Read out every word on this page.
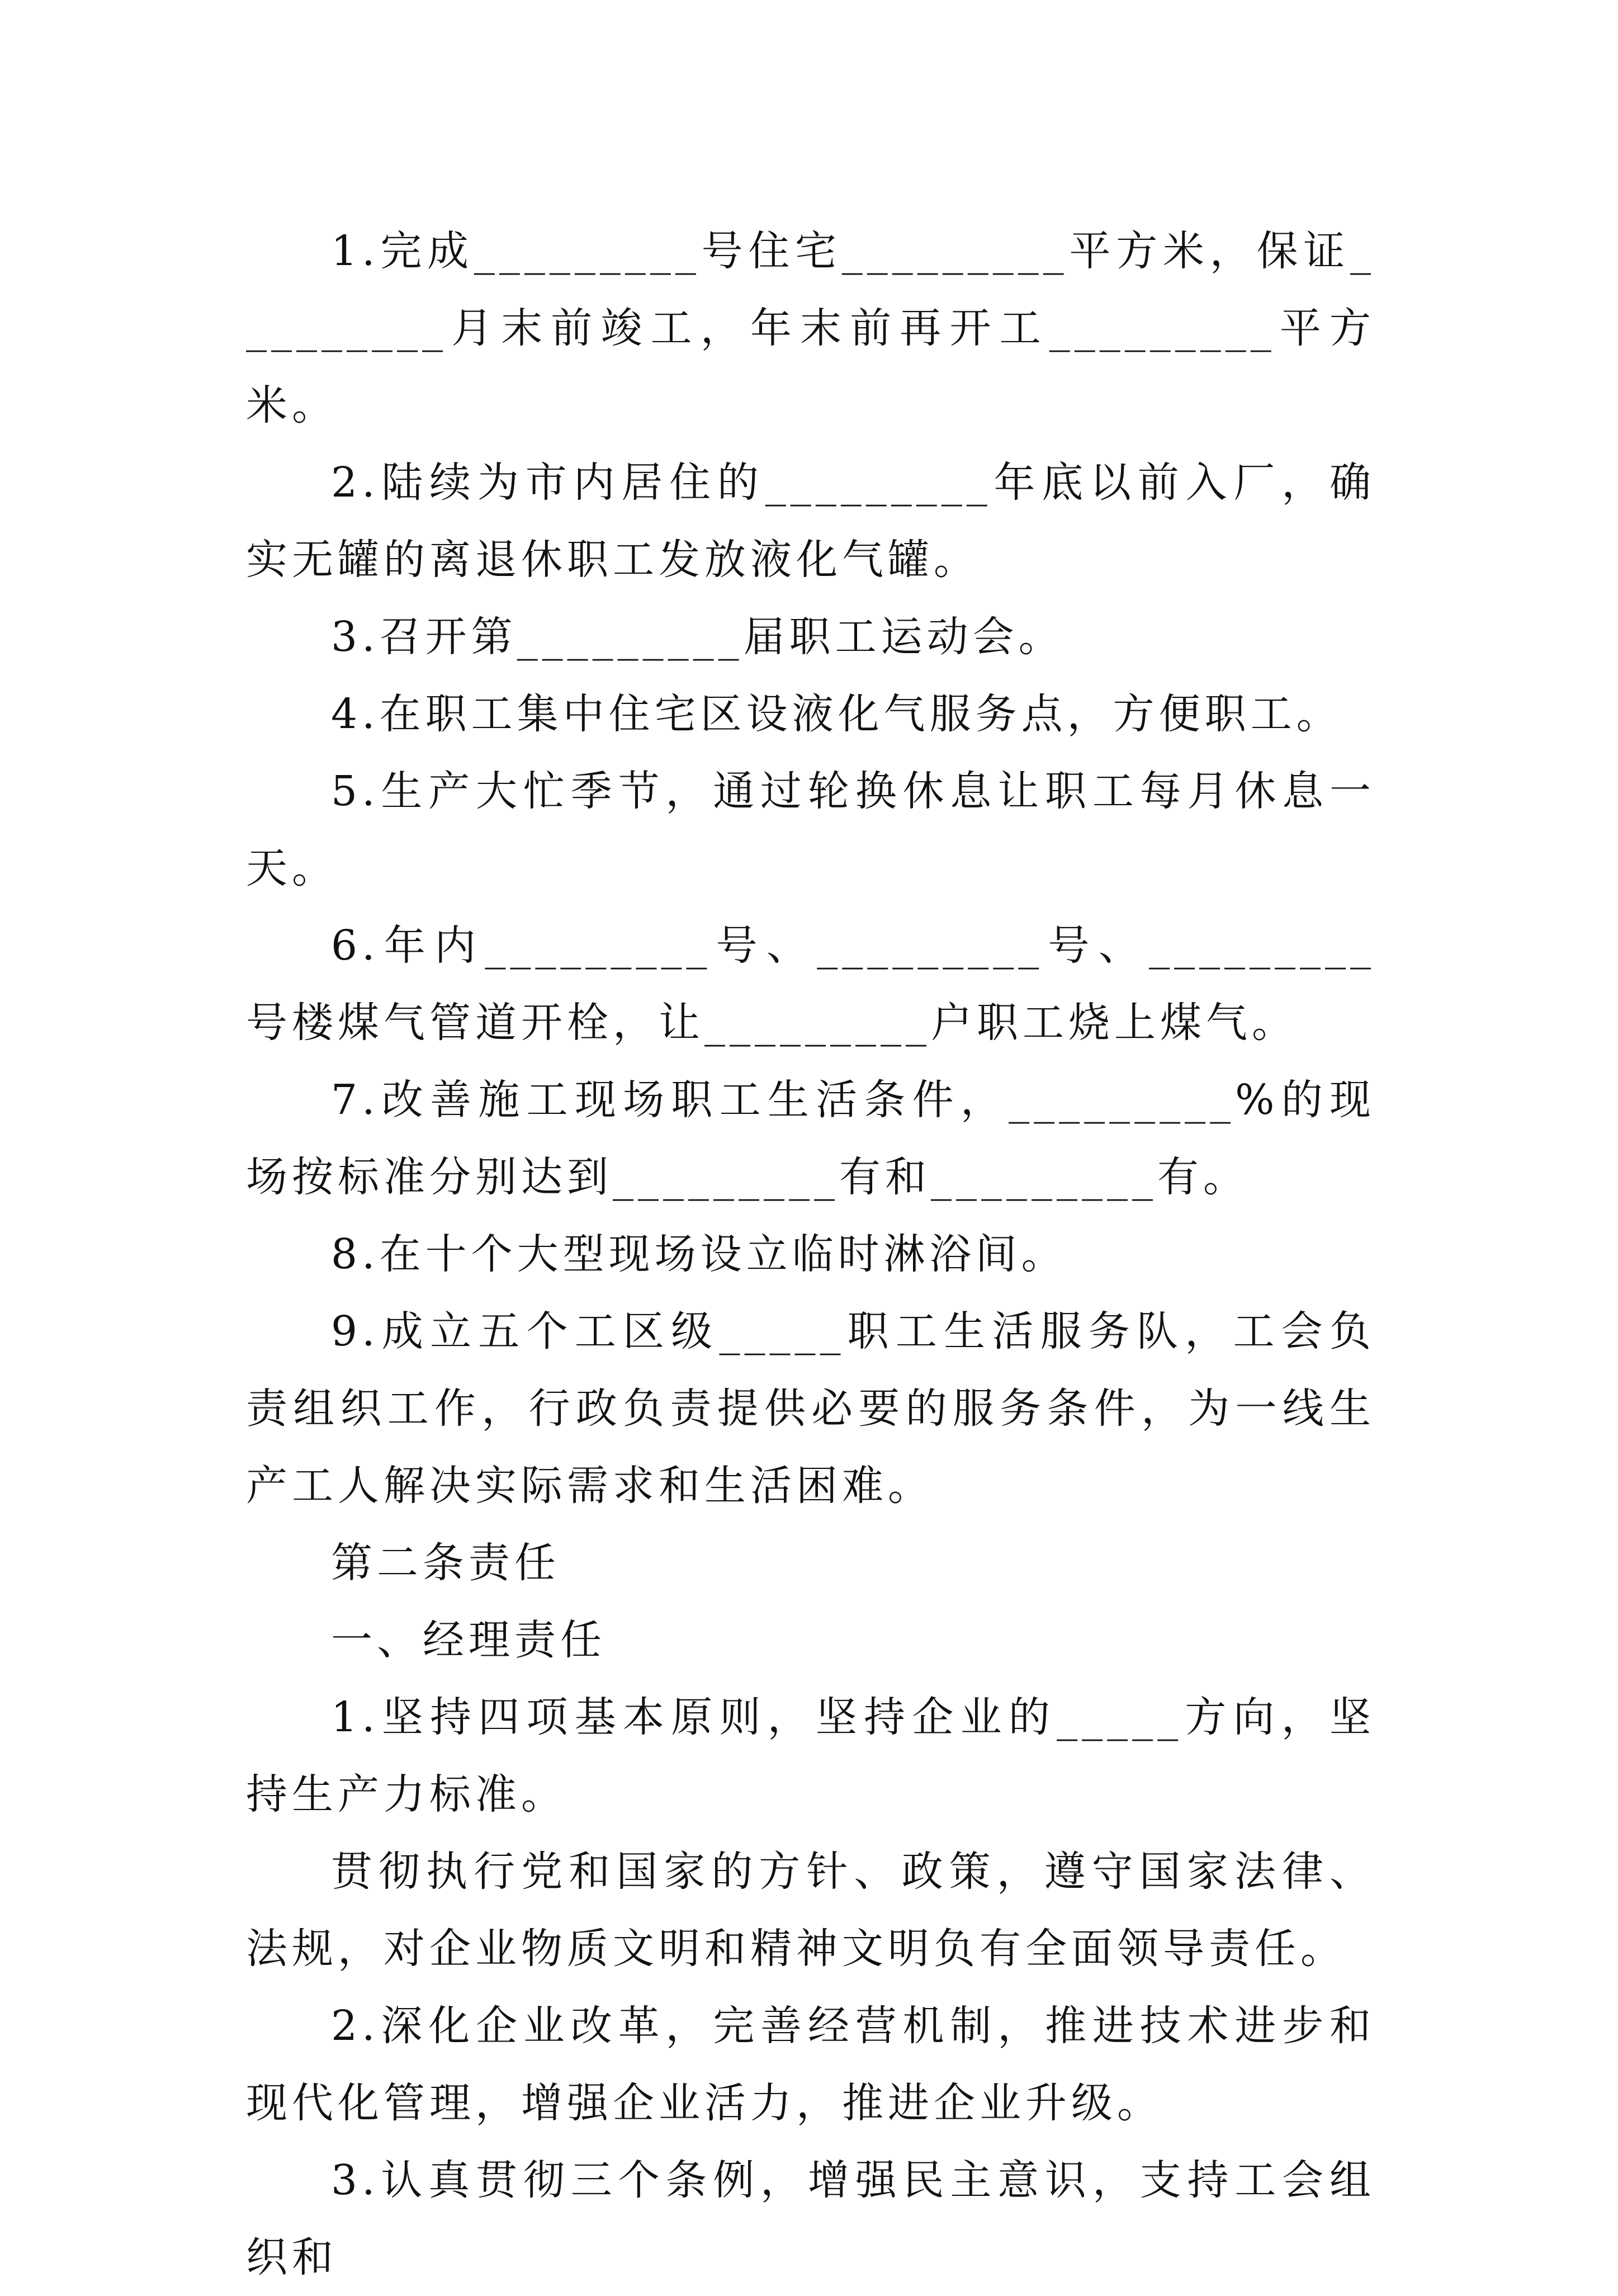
1.完成_________号住宅_________平方米，保证_________月末前竣工，年末前再开工_________平方米。

2.陆续为市内居住的_________年底以前入厂，确实无罐的离退休职工发放液化气罐。

3.召开第_________届职工运动会。

4.在职工集中住宅区设液化气服务点，方便职工。

5.生产大忙季节，通过轮换休息让职工每月休息一天。

6.年内_________号、_________号、_________号楼煤气管道开栓，让_________户职工烧上煤气。

7.改善施工现场职工生活条件，_________%的现场按标准分别达到_________有和_________有。

8.在十个大型现场设立临时淋浴间。

9.成立五个工区级_____职工生活服务队，工会负责组织工作，行政负责提供必要的服务条件，为一线生产工人解决实际需求和生活困难。

第二条责任

一、经理责任

1.坚持四项基本原则，坚持企业的_____方向，坚持生产力标准。

贯彻执行党和国家的方针、政策，遵守国家法律、法规，对企业物质文明和精神文明负有全面领导责任。

2.深化企业改革，完善经营机制，推进技术进步和现代化管理，增强企业活力，推进企业升级。

3.认真贯彻三个条例，增强民主意识，支持工会组织和
